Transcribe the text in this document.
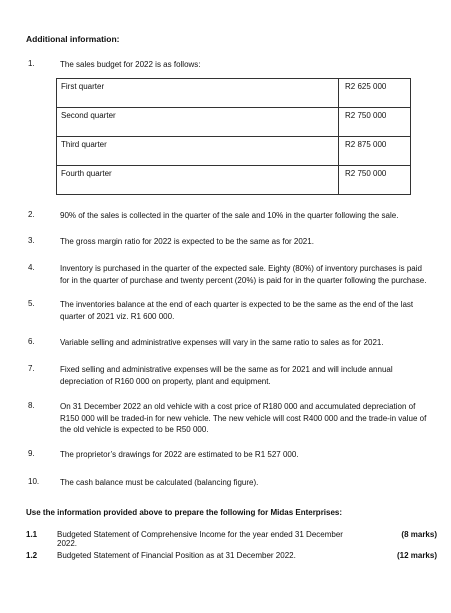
Additional information:
1.	The sales budget for 2022 is as follows:
First quarter	R2 625 000
Second quarter	R2 750 000
Third quarter	R2 875 000
Fourth quarter	R2 750 000
2.	90% of the sales is collected in the quarter of the sale and 10% in the quarter following the sale.
3.	The gross margin ratio for 2022 is expected to be the same as for 2021.
4.	Inventory is purchased in the quarter of the expected sale. Eighty (80%) of inventory purchases is paid for in the quarter of purchase and twenty percent (20%) is paid for in the quarter following the purchase.
5.	The inventories balance at the end of each quarter is expected to be the same as the end of the last quarter of 2021 viz. R1 600 000.
6.	Variable selling and administrative expenses will vary in the same ratio to sales as for 2021.
7.	Fixed selling and administrative expenses will be the same as for 2021 and will include annual depreciation of R160 000 on property, plant and equipment.
8.	On 31 December 2022 an old vehicle with a cost price of R180 000 and accumulated depreciation of R150 000 will be traded-in for new vehicle. The new vehicle will cost R400 000 and the trade-in value of the old vehicle is expected to be R50 000.
9.	The proprietor’s drawings for 2022 are estimated to be R1 527 000.
10.	The cash balance must be calculated (balancing figure).
Use the information provided above to prepare the following for Midas Enterprises:
1.1 Budgeted Statement of Comprehensive Income for the year ended 31 December 2022.
(8 marks)
1.2 Budgeted Statement of Financial Position as at 31 December 2022.	(12 marks)
